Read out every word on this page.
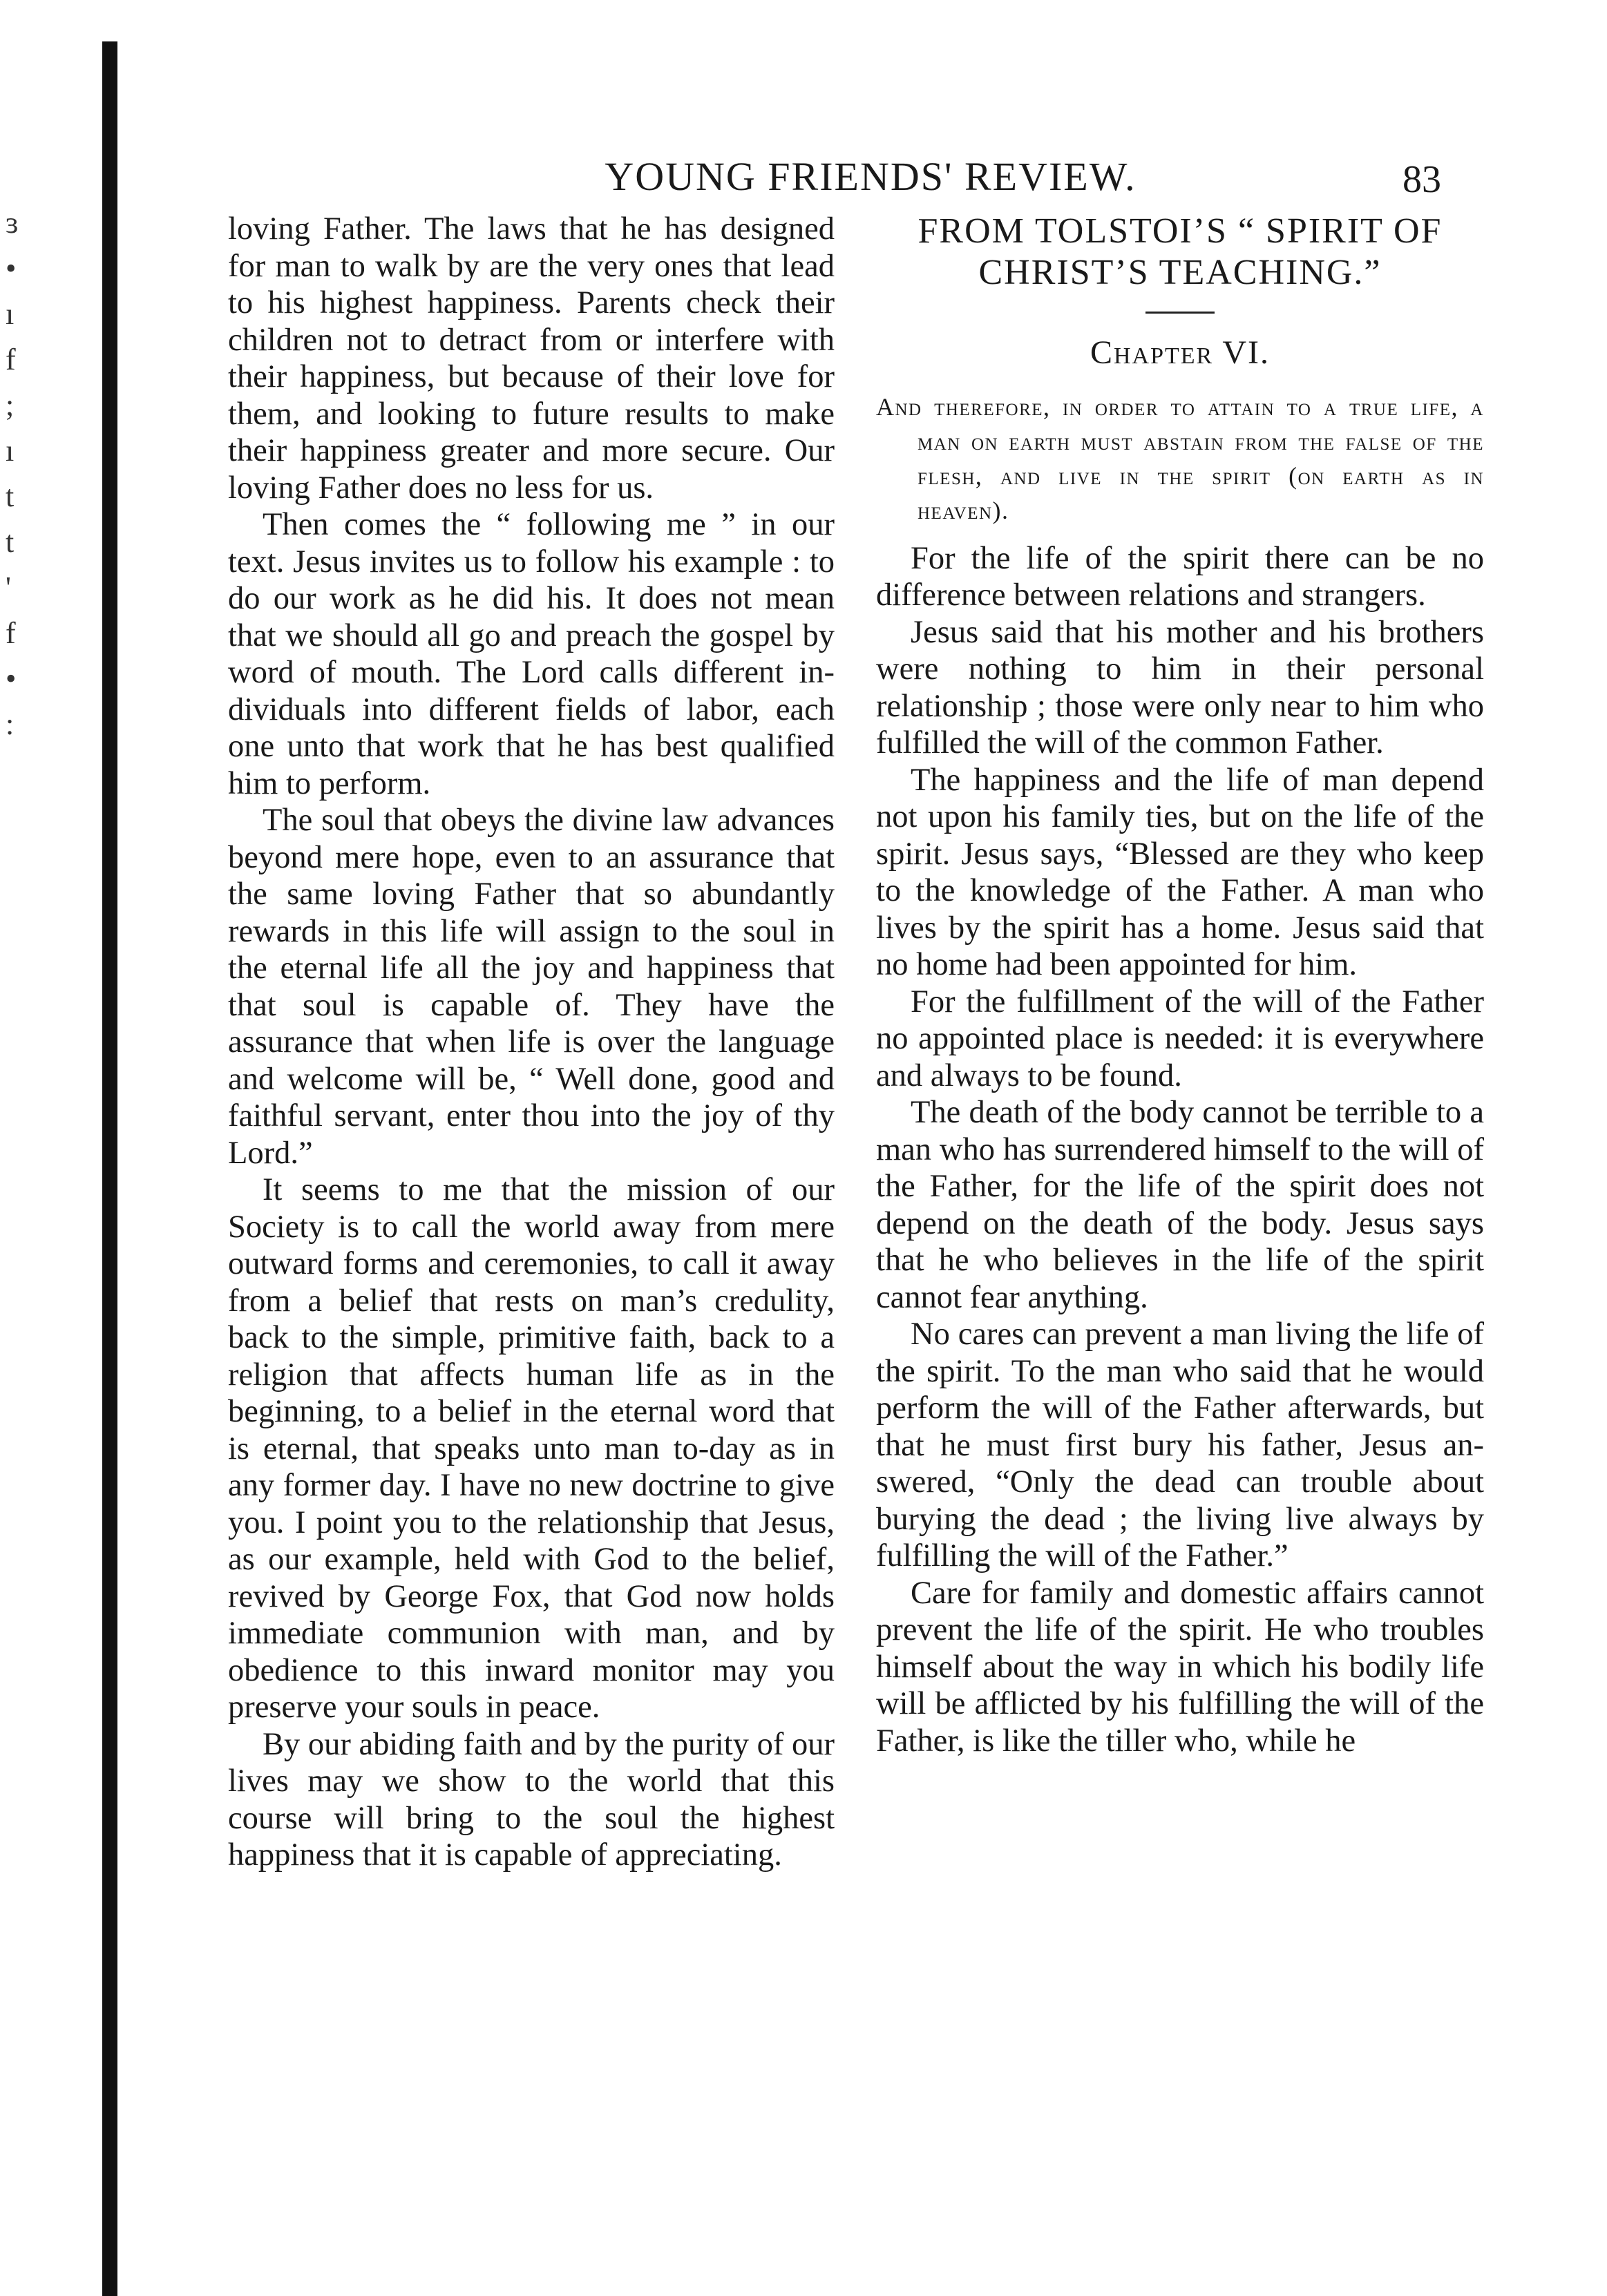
ɜ
•
ı
f
;
ı
t
t
'
f
•
:
YOUNG FRIENDS' REVIEW.	83

loving Father. The laws that he has designed for man to walk by are the very ones that lead to his highest happiness. Parents check their children not to detract from or interfere with their happiness, but because of their love for them, and looking to future results to make their happiness greater and more secure. Our loving Father does no less for us.

Then comes the “ following me ” in our text. Jesus invites us to follow his example : to do our work as he did his. It does not mean that we should all go and preach the gospel by word of mouth. The Lord calls different individuals into different fields of labor, each one unto that work that he has best qualified him to perform.

The soul that obeys the divine law advances beyond mere hope, even to an assurance that the same loving Father that so abundantly rewards in this life will assign to the soul in the eternal life all the joy and happiness that that soul is capable of. They have the assurance that when life is over the language and welcome will be, “ Well done, good and faithful servant, enter thou into the joy of thy Lord.”

It seems to me that the mission of our Society is to call the world away from mere outward forms and ceremonies, to call it away from a belief that rests on man’s credulity, back to the simple, primitive faith, back to a religion that affects human life as in the beginning, to a belief in the eternal word that is eternal, that speaks unto man to-day as in any former day. I have no new doctrine to give you. I point you to the relationship that Jesus, as our example, held with God to the belief, revived by George Fox, that God now holds immediate communion with man, and by obedience to this inward monitor may you preserve your souls in peace.

By our abiding faith and by the purity of our lives may we show to the world that this course will bring to the soul the highest happiness that it is capable of appreciating.

FROM TOLSTOI’S “ SPIRIT OF CHRIST’S TEACHING.”
Chapter VI.
And therefore, in order to attain to a true life, a man on earth must abstain from the false of the flesh, and live in the spirit (on earth as in heaven).

For the life of the spirit there can be no difference between relations and strangers.

Jesus said that his mother and his brothers were nothing to him in their personal relationship ; those were only near to him who fulfilled the will of the common Father.

The happiness and the life of man depend not upon his family ties, but on the life of the spirit. Jesus says, “Blessed are they who keep to the knowledge of the Father. A man who lives by the spirit has a home. Jesus said that no home had been appointed for him.

For the fulfillment of the will of the Father no appointed place is needed: it is everywhere and always to be found.

The death of the body cannot be terrible to a man who has surrendered himself to the will of the Father, for the life of the spirit does not depend on the death of the body. Jesus says that he who believes in the life of the spirit cannot fear anything.

No cares can prevent a man living the life of the spirit. To the man who said that he would perform the will of the Father afterwards, but that he must first bury his father, Jesus answered, “Only the dead can trouble about burying the dead ; the living live always by fulfilling the will of the Father.”

Care for family and domestic affairs cannot prevent the life of the spirit. He who troubles himself about the way in which his bodily life will be afflicted by his fulfilling the will of the Father, is like the tiller who, while he
